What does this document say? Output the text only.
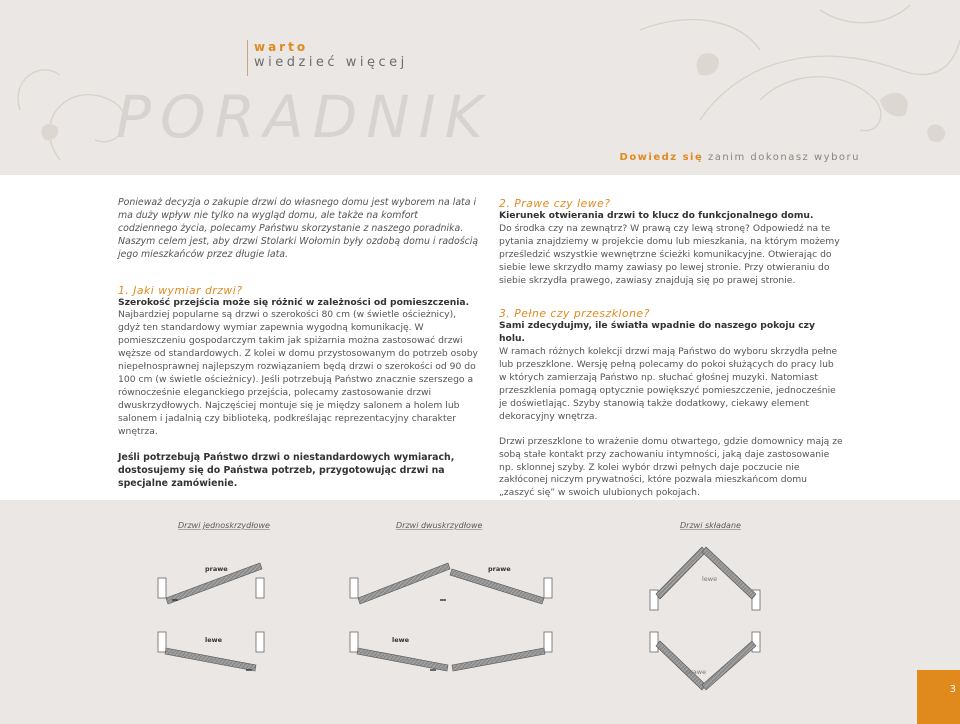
warto
wiedzieć więcej
PORADNIK
Dowiedz się zanim dokonasz wyboru

Ponieważ decyzja o zakupie drzwi do własnego domu jest wyborem na lata i ma duży wpływ nie tylko na wygląd domu, ale także na komfort codziennego życia, polecamy Państwu skorzystanie z naszego poradnika. Naszym celem jest, aby drzwi Stolarki Wołomin były ozdobą domu i radością jego mieszkańców przez długie lata.

1. Jaki wymiar drzwi?

Szerokość przejścia może się różnić w zależności od pomieszczenia.

Najbardziej popularne są drzwi o szerokości 80 cm (w świetle ościeżnicy), gdyż ten standardowy wymiar zapewnia wygodną komunikację. W pomieszczeniu gospodarczym takim jak spiżarnia można zastosować drzwi węższe od standardowych. Z kolei w domu przystosowanym do potrzeb osoby niepełnosprawnej najlepszym rozwiązaniem będą drzwi o szerokości od 90 do 100 cm (w świetle ościeżnicy). Jeśli potrzebują Państwo znacznie szerszego a równocześnie eleganckiego przejścia, polecamy zastosowanie drzwi dwuskrzydłowych. Najczęściej montuje się je między salonem a holem lub salonem i jadalnią czy biblioteką, podkreślając reprezentacyjny charakter wnętrza.

Jeśli potrzebują Państwo drzwi o niestandardowych wymiarach, dostosujemy się do Państwa potrzeb, przygotowując drzwi na specjalne zamówienie.

2. Prawe czy lewe?

Kierunek otwierania drzwi to klucz do funkcjonalnego domu.

Do środka czy na zewnątrz? W prawą czy lewą stronę? Odpowiedź na te pytania znajdziemy w projekcie domu lub mieszkania, na którym możemy prześledzić wszystkie wewnętrzne ścieżki komunikacyjne. Otwierając do siebie lewe skrzydło mamy zawiasy po lewej stronie. Przy otwieraniu do siebie skrzydła prawego, zawiasy znajdują się po prawej stronie.

3. Pełne czy przeszklone?

Sami zdecydujmy, ile światła wpadnie do naszego pokoju czy holu.

W ramach różnych kolekcji drzwi mają Państwo do wyboru skrzydła pełne lub przeszklone. Wersję pełną polecamy do pokoi służących do pracy lub w których zamierzają Państwo np. słuchać głośnej muzyki. Natomiast przeszklenia pomagą optycznie powiększyć pomieszczenie, jednocześnie je doświetlając. Szyby stanowią także dodatkowy, ciekawy element dekoracyjny wnętrza.

Drzwi przeszklone to wrażenie domu otwartego, gdzie domownicy mają ze sobą stałe kontakt przy zachowaniu intymności, jaką daje zastosowanie np. sklonnej szyby. Z kolei wybór drzwi pełnych daje poczucie nie zakłóconej niczym prywatności, które pozwala mieszkańcom domu „zaszyć się” w swoich ulubionych pokojach.

Drzwi jednoskrzydłowe	Drzwi dwuskrzydłowe	Drzwi składane
prawe
lewe
prawe
lewe
lewe
prawe
3
